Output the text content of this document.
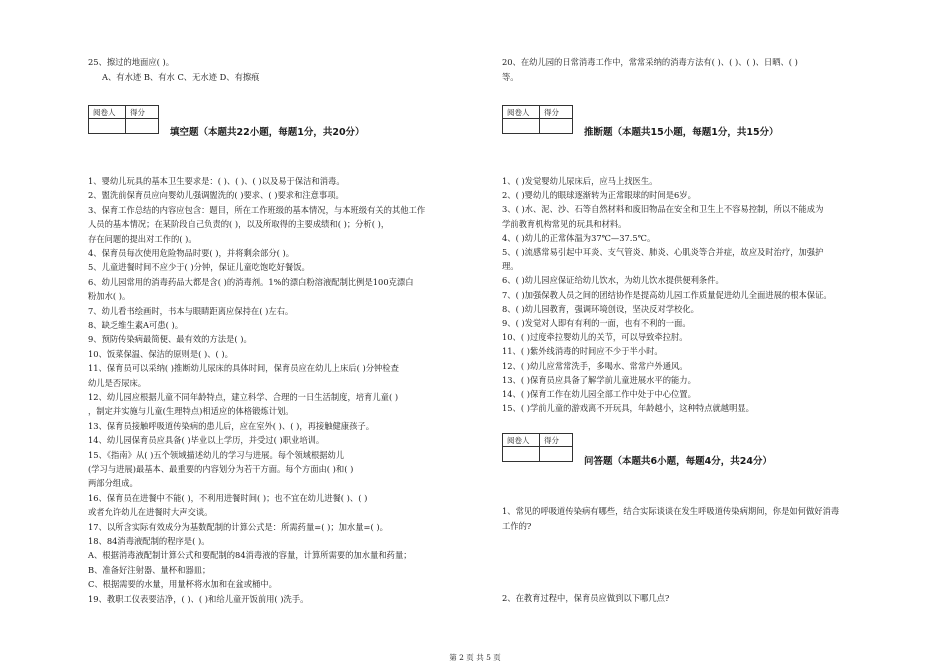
25、擦过的地面应( )。
A、有水迹 B、有水 C、无水迹 D、有擦痕
阅卷人	得分

填空题（本题共22小题，每题1分，共20分）
1、婴幼儿玩具的基本卫生要求是：( )、( )、( )以及易于保洁和消毒。
2、盥洗前保育员应向婴幼儿强调盥洗的( )要求、( )要求和注意事项。
3、保育工作总结的内容应包含：题目，所在工作班级的基本情况，与本班级有关的其他工作
人员的基本情况；在某阶段自己负责的( )，以及所取得的主要成绩和( )；分析( )，
存在问题的提出对工作的( )。
4、保育员每次使用危险物品时要( )，并将剩余部分( )。
5、儿童进餐时间不应少于( )分钟，保证儿童吃饱吃好餐饭。
6、幼儿园常用的消毒药品大都是含( )的消毒剂。1%的漂白粉溶液配制比例是100克漂白
粉加水( )。
7、幼儿看书绘画时，书本与眼睛距离应保持在( )左右。
8、缺乏维生素A可患( )。
9、预防传染病最简便、最有效的方法是( )。
10、饭菜保温、保洁的原则是( )、( )。
11、保育员可以采纳( )推断幼儿尿床的具体时间，保育员应在幼儿上床后( )分钟检查
幼儿是否尿床。
12、幼儿园应根据儿童不同年龄特点，建立科学、合理的一日生活制度，培育儿童( )
，制定并实施与儿童(生理特点)相适应的体格锻炼计划。
13、保育员接触呼吸道传染病的患儿后，应在室外( )、( )，再接触健康孩子。
14、幼儿园保育员应具备( )毕业以上学历，并受过( )职业培训。
15、《指南》从( )五个领域描述幼儿的学习与进展。每个领域根据幼儿
(学习与进展)最基本、最重要的内容划分为若干方面。每个方面由( )和( )
两部分组成。
16、保育员在进餐中不能( )，不利用进餐时间( )；也不宜在幼儿进餐( )、( )
或者允许幼儿在进餐时大声交谈。
17、以所含实际有效成分为基数配制的计算公式是：所需药量=( )；加水量=( )。
18、84消毒液配制的程序是( )。
A、根据消毒液配制计算公式和要配制的84消毒液的容量，计算所需要的加水量和药量；
B、准备好注射器、量杯和器皿；
C、根据需要的水量，用量杯将水加和在盆或桶中。
19、教职工仪表要洁净，( )、( )和给儿童开饭前用( )洗手。
20、在幼儿园的日常消毒工作中，常常采纳的消毒方法有( )、( )、( )、日晒、( )
等。
阅卷人	得分

推断题（本题共15小题，每题1分，共15分）
1、( )发觉婴幼儿尿床后，应马上找医生。
2、( )婴幼儿的眼球逐渐转为正常眼球的时间是6岁。
3、( )水、泥、沙、石等自然材料和废旧物品在安全和卫生上不容易控制，所以不能成为
学前教育机构常见的玩具和材料。
4、( )幼儿的正常体温为37℃—37.5℃。
5、( )流感常易引起中耳炎、支气管炎、肺炎、心肌炎等合并症，故应及时治疗，加强护
理。
6、( )幼儿园应保证给幼儿饮水，为幼儿饮水提供便利条件。
7、( )加强保教人员之间的团结协作是提高幼儿园工作质量促进幼儿全面进展的根本保证。
8、( )幼儿园教育，强调环境创设，坚决反对学校化。
9、( )发觉对人即有有利的一面，也有不利的一面。
10、( )过度牵拉婴幼儿的关节，可以导致牵拉肘。
11、( )紫外线消毒的时间应不少于半小时。
12、( )幼儿应常常洗手，多喝水、常常户外通风。
13、( )保育员应具备了解学前儿童进展水平的能力。
14、( )保育工作在幼儿园全部工作中处于中心位置。
15、( )学前儿童的游戏离不开玩具，年龄越小，这种特点就越明显。
阅卷人	得分

问答题（本题共6小题，每题4分，共24分）
1、常见的呼吸道传染病有哪些，结合实际谈谈在发生呼吸道传染病期间，你是如何做好消毒
工作的?
2、在教育过程中，保育员应做到以下哪几点?
第 2 页 共 5 页
